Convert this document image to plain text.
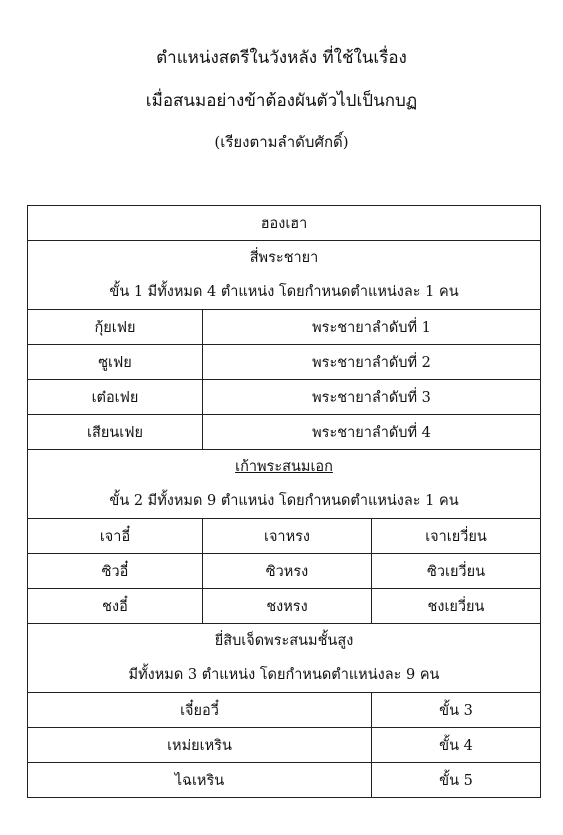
ตำแหน่งสตรีในวังหลัง ที่ใช้ในเรื่อง
เมื่อสนมอย่างข้าต้องผันตัวไปเป็นกบฏ
(เรียงตามลำดับศักดิ์)
ฮองเฮา		

สี่พระชายา
ขั้น 1 มีทั้งหมด 4 ตำแหน่ง โดยกำหนดตำแหน่งละ 1 คน		

กุ้ยเฟย	พระชายาลำดับที่ 1	
ซูเฟย	พระชายาลำดับที่ 2	
เต๋อเฟย	พระชายาลำดับที่ 3	
เสียนเฟย	พระชายาลำดับที่ 4	

เก้าพระสนมเอก
ขั้น 2 มีทั้งหมด 9 ตำแหน่ง โดยกำหนดตำแหน่งละ 1 คน		

เจาอี๋	เจาหรง	เจาเยวี่ยน
ซิวอี๋	ซิวหรง	ซิวเยวี่ยน
ชงอี๋	ชงหรง	ชงเยวี่ยน

ยี่สิบเจ็ดพระสนมชั้นสูง
มีทั้งหมด 3 ตำแหน่ง โดยกำหนดตำแหน่งละ 9 คน		

เจี๋ยอวี๋		ขั้น 3
เหม่ยเหริน		ขั้น 4
ไฉเหริน		ขั้น 5
